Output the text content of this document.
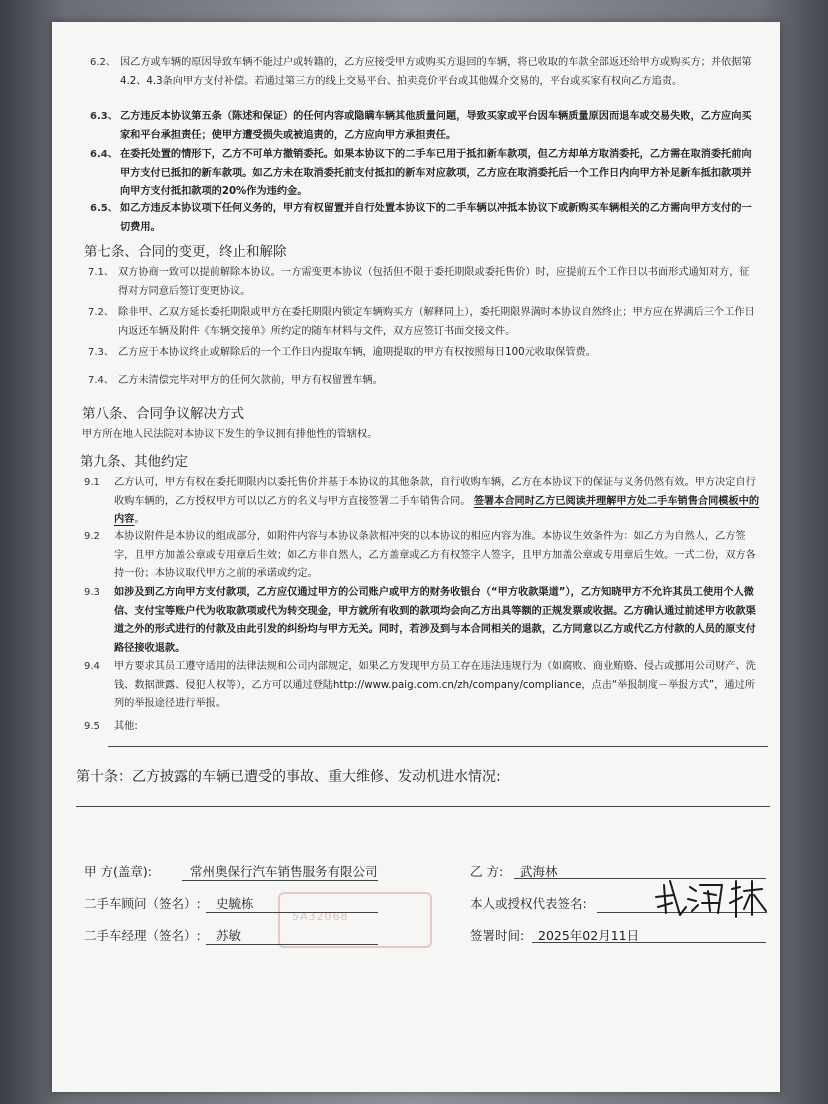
6.2、 因乙方或车辆的原因导致车辆不能过户或转籍的，乙方应接受甲方或购买方退回的车辆，将已收取的车款全部返还给甲方或购买方；并依据第4.2、4.3条向甲方支付补偿。若通过第三方的线上交易平台、拍卖竞价平台或其他媒介交易的，平台或买家有权向乙方追责。
6.3、 乙方违反本协议第五条（陈述和保证）的任何内容或隐瞒车辆其他质量问题，导致买家或平台因车辆质量原因而退车或交易失败，乙方应向买家和平台承担责任；使甲方遭受损失或被追责的，乙方应向甲方承担责任。
6.4、 在委托处置的情形下，乙方不可单方撤销委托。如果本协议下的二手车已用于抵扣新车款项，但乙方却单方取消委托，乙方需在取消委托前向甲方支付已抵扣的新车款项。如乙方未在取消委托前支付抵扣的新车对应款项，乙方应在取消委托后一个工作日内向甲方补足新车抵扣款项并向甲方支付抵扣款项的20%作为违约金。
6.5、 如乙方违反本协议项下任何义务的，甲方有权留置并自行处置本协议下的二手车辆以冲抵本协议下或新购买车辆相关的乙方需向甲方支付的一切费用。
第七条、合同的变更，终止和解除
7.1、 双方协商一致可以提前解除本协议。一方需变更本协议（包括但不限于委托期限或委托售价）时，应提前五个工作日以书面形式通知对方，征得对方同意后签订变更协议。
7.2、 除非甲、乙双方延长委托期限或甲方在委托期限内锁定车辆购买方（解释同上），委托期限界满时本协议自然终止；甲方应在界满后三个工作日内返还车辆及附件《车辆交接单》所约定的随车材料与文件，双方应签订书面交接文件。
7.3、 乙方应于本协议终止或解除后的一个工作日内提取车辆，逾期提取的甲方有权按照每日100元收取保管费。
7.4、 乙方未清偿完毕对甲方的任何欠款前，甲方有权留置车辆。
第八条、合同争议解决方式
甲方所在地人民法院对本协议下发生的争议拥有排他性的管辖权。
第九条、其他约定
9.1	乙方认可，甲方有权在委托期限内以委托售价并基于本协议的其他条款，自行收购车辆，乙方在本协议下的保证与义务仍然有效。甲方决定自行收购车辆的，乙方授权甲方可以以乙方的名义与甲方直接签署二手车销售合同。 签署本合同时乙方已阅读并理解甲方处二手车销售合同模板中的内容。
9.2	本协议附件是本协议的组成部分，如附件内容与本协议条款相冲突的以本协议的相应内容为准。本协议生效条件为：如乙方为自然人，乙方签字，且甲方加盖公章或专用章后生效；如乙方非自然人，乙方盖章或乙方有权签字人签字，且甲方加盖公章或专用章后生效。一式二份，双方各持一份；本协议取代甲方之前的承诺或约定。
9.3	如涉及到乙方向甲方支付款项，乙方应仅通过甲方的公司账户或甲方的财务收银台（“甲方收款渠道”），乙方知晓甲方不允许其员工使用个人微信、支付宝等账户代为收取款项或代为转交现金，甲方就所有收到的款项均会向乙方出具等额的正规发票或收据。乙方确认通过前述甲方收款渠道之外的形式进行的付款及由此引发的纠纷均与甲方无关。同时，若涉及到与本合同相关的退款，乙方同意以乙方或代乙方付款的人员的原支付路径接收退款。
9.4	甲方要求其员工遵守适用的法律法规和公司内部规定，如果乙方发现甲方员工存在违法违规行为（如腐败、商业贿赂、侵占或挪用公司财产、洗钱、数据泄露、侵犯人权等），乙方可以通过登陆http://www.paig.com.cn/zh/company/compliance，点击“举报制度－举报方式”，通过所列的举报途径进行举报。
9.5	其他:
第十条：乙方披露的车辆已遭受的事故、重大维修、发动机进水情况:
5A32068
甲 方(盖章):	常州奥保行汽车销售服务有限公司
二手车顾问（签名）: 史毓栋
二手车经理（签名）: 苏敏
乙 方: 武海林
本人或授权代表签名:
签署时间: 2025年02月11日
